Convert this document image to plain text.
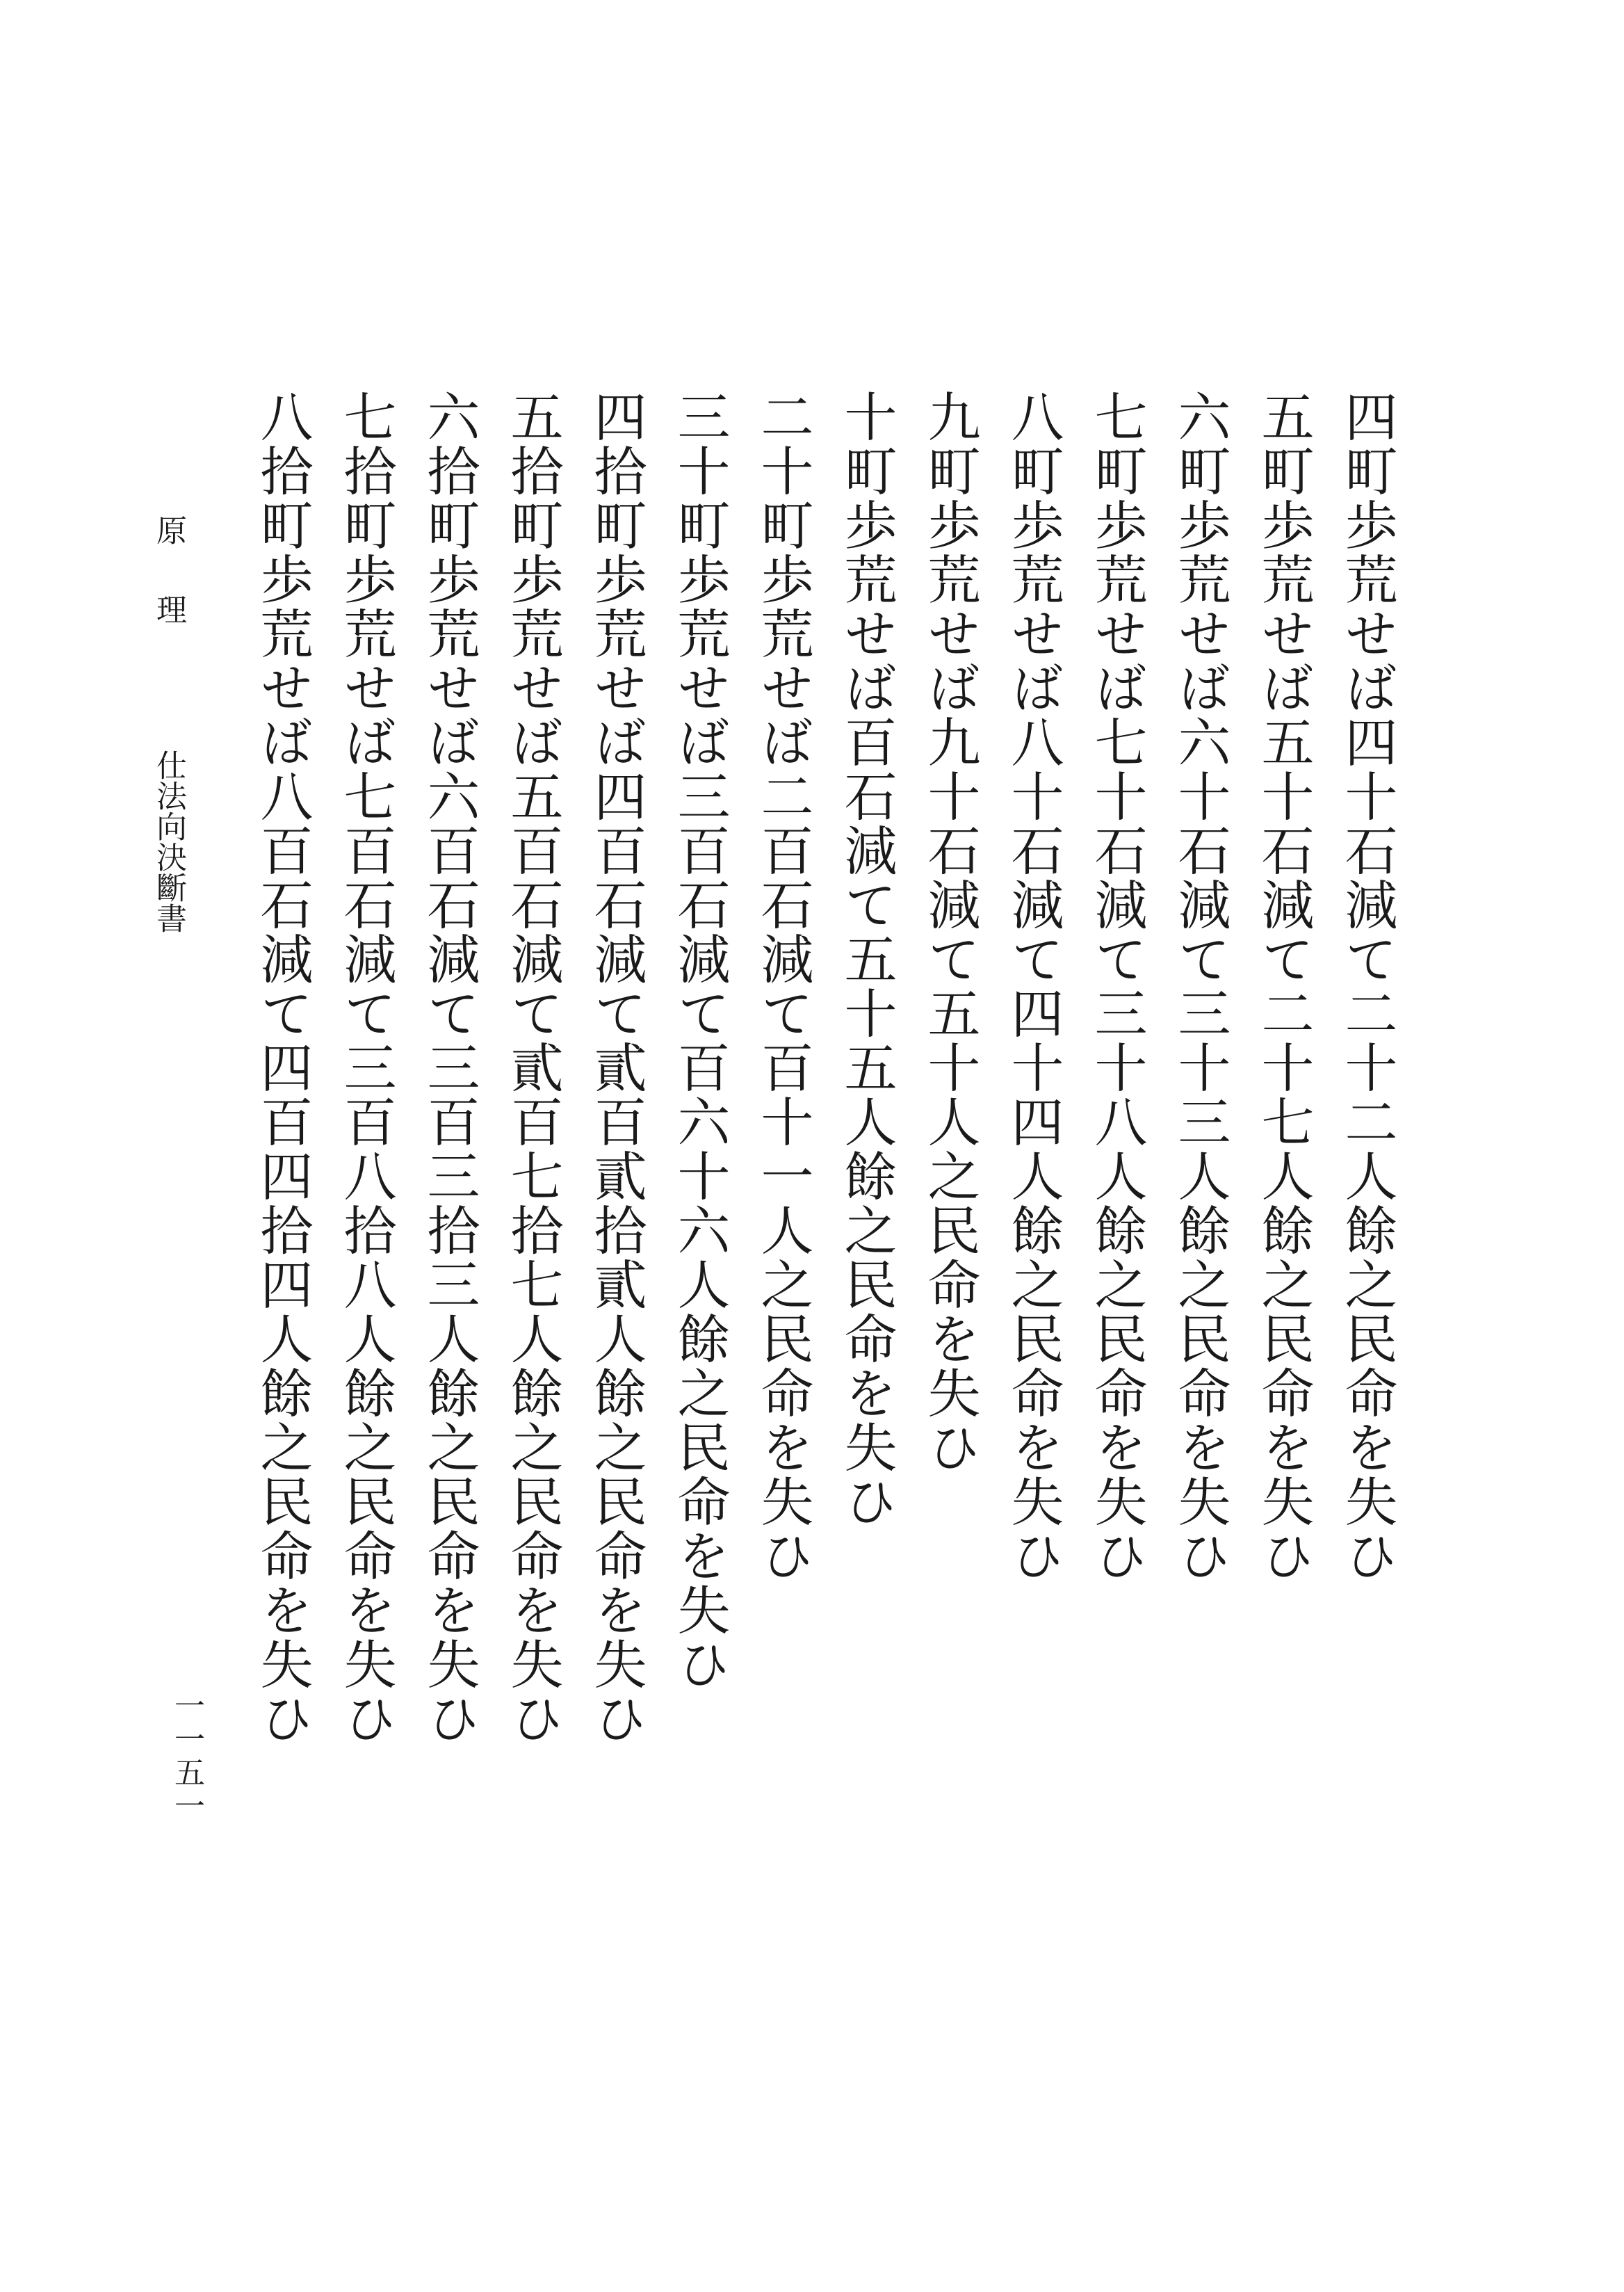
四町歩荒せば四十石減て二十二人餘之民命を失ひ
五町歩荒せば五十石減て二十七人餘之民命を失ひ
六町歩荒せば六十石減て三十三人餘之民命を失ひ
七町歩荒せば七十石減て三十八人餘之民命を失ひ
八町歩荒せば八十石減て四十四人餘之民命を失ひ
九町歩荒せば九十石減て五十人之民命を失ひ
十町歩荒せば百石減て五十五人餘之民命を失ひ
二十町歩荒せば二百石減て百十一人之民命を失ひ
三十町歩荒せば三百石減て百六十六人餘之民命を失ひ
四拾町歩荒せば四百石減て貳百貳拾貳人餘之民命を失ひ
五拾町歩荒せば五百石減て貳百七拾七人餘之民命を失ひ
六拾町歩荒せば六百石減て三百三拾三人餘之民命を失ひ
七拾町歩荒せば七百石減て三百八拾八人餘之民命を失ひ
八拾町歩荒せば八百石減て四百四拾四人餘之民命を失ひ
原理仕法向決斷書
一一五一
